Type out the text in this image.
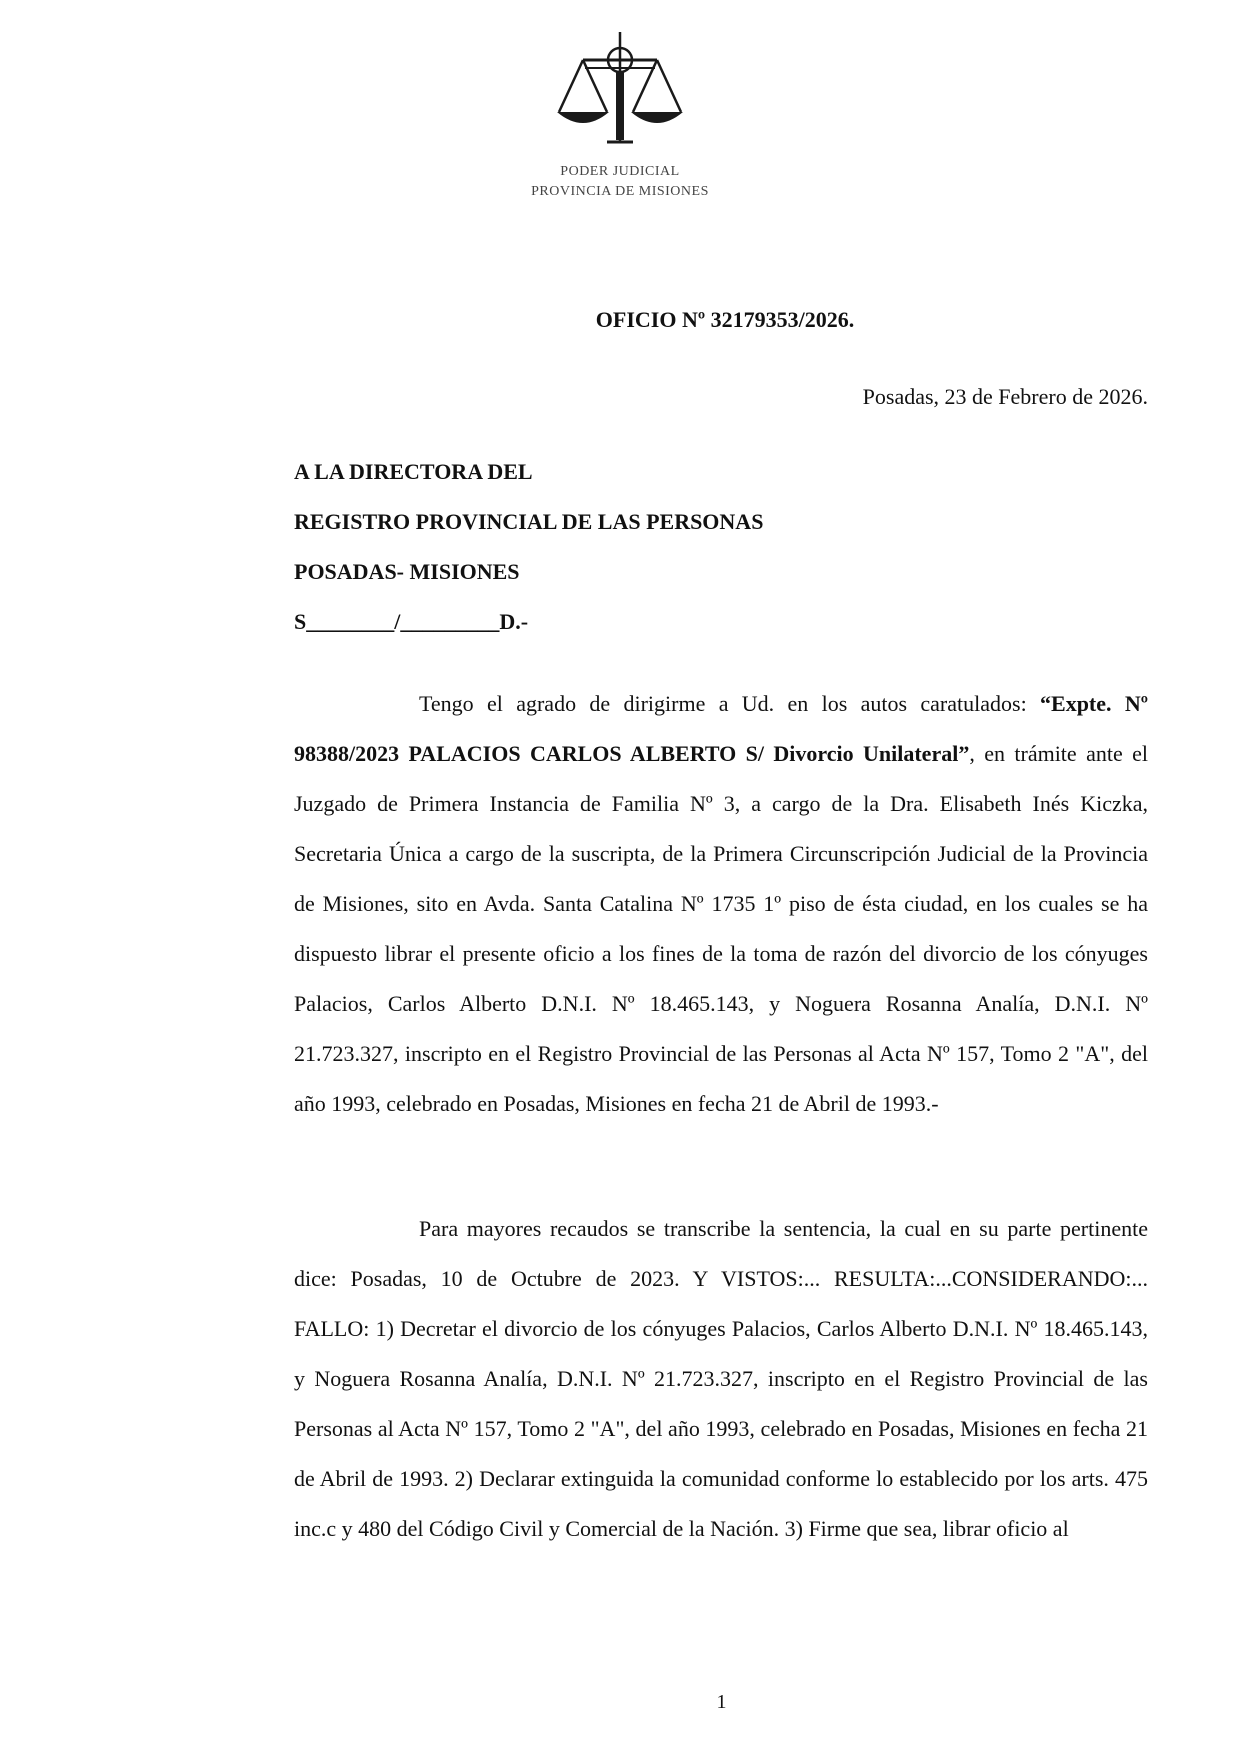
PODER JUDICIAL
PROVINCIA DE MISIONES
OFICIO Nº 32179353/2026.
Posadas, 23 de Febrero de 2026.
A LA DIRECTORA DEL
REGISTRO PROVINCIAL DE LAS PERSONAS
POSADAS- MISIONES
S________/_________D.-

Tengo el agrado de dirigirme a Ud. en los autos caratulados: “Expte. Nº 98388/2023 PALACIOS CARLOS ALBERTO S/ Divorcio Unilateral”, en trámite ante el Juzgado de Primera Instancia de Familia Nº 3, a cargo de la Dra. Elisabeth Inés Kiczka, Secretaria Única a cargo de la suscripta, de la Primera Circunscripción Judicial de la Provincia de Misiones, sito en Avda. Santa Catalina Nº 1735 1º piso de ésta ciudad, en los cuales se ha dispuesto librar el presente oficio a los fines de la toma de razón del divorcio de los cónyuges Palacios, Carlos Alberto D.N.I. Nº 18.465.143, y Noguera Rosanna Analía, D.N.I. Nº 21.723.327, inscripto en el Registro Provincial de las Personas al Acta Nº 157, Tomo 2 "A", del año 1993, celebrado en Posadas, Misiones en fecha 21 de Abril de 1993.-

Para mayores recaudos se transcribe la sentencia, la cual en su parte pertinente dice: Posadas, 10 de Octubre de 2023. Y VISTOS:... RESULTA:...CONSIDERANDO:... FALLO: 1) Decretar el divorcio de los cónyuges Palacios, Carlos Alberto D.N.I. Nº 18.465.143, y Noguera Rosanna Analía, D.N.I. Nº 21.723.327, inscripto en el Registro Provincial de las Personas al Acta Nº 157, Tomo 2 "A", del año 1993, celebrado en Posadas, Misiones en fecha 21 de Abril de 1993. 2) Declarar extinguida la comunidad conforme lo establecido por los arts. 475 inc.c y 480 del Código Civil y Comercial de la Nación. 3) Firme que sea, librar oficio al

1
